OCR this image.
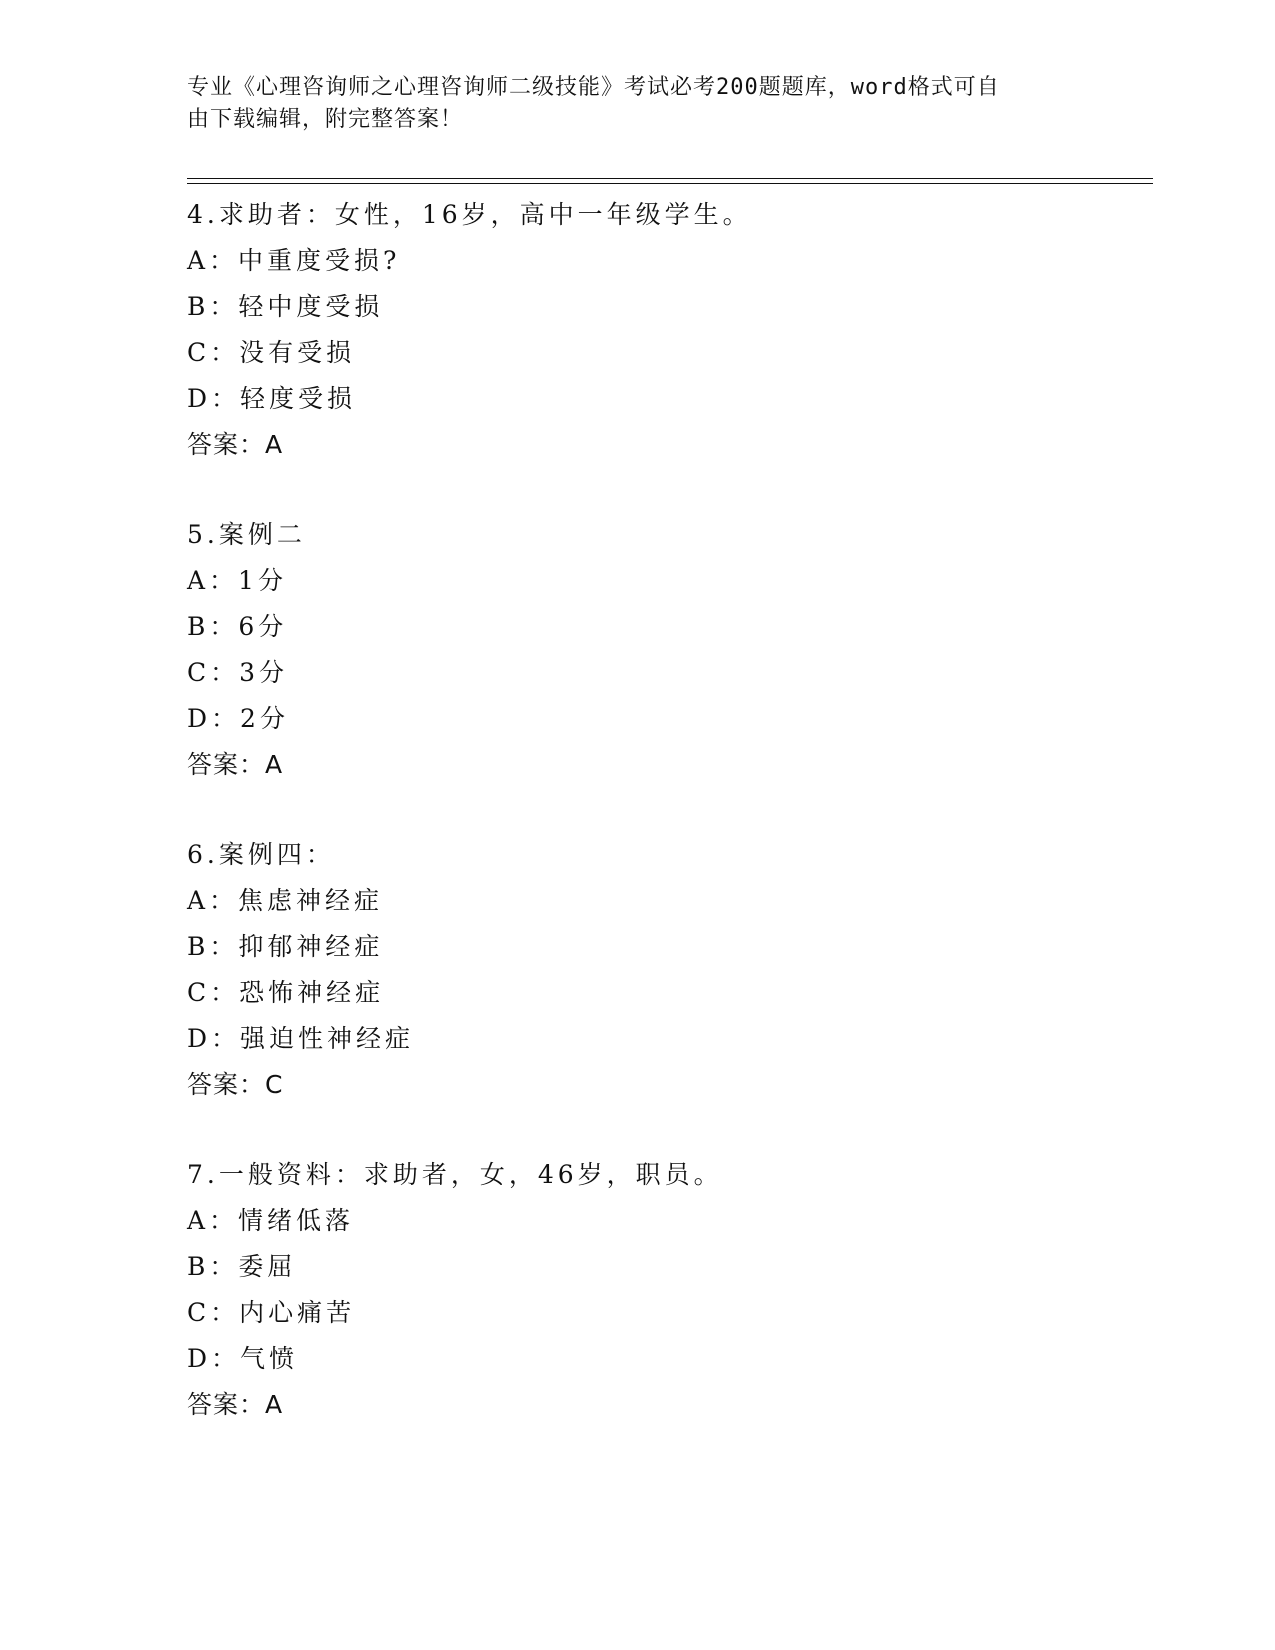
专业《心理咨询师之心理咨询师二级技能》考试必考200题题库，word格式可自
由下载编辑，附完整答案！
4.求助者：女性，16岁，高中一年级学生。
A：中重度受损?
B：轻中度受损
C：没有受损
D：轻度受损
答案：A
5.案例二
A：1分
B：6分
C：3分
D：2分
答案：A
6.案例四：
A：焦虑神经症
B：抑郁神经症
C：恐怖神经症
D：强迫性神经症
答案：C
7.一般资料：求助者，女，46岁，职员。
A：情绪低落
B：委屈
C：内心痛苦
D：气愤
答案：A
